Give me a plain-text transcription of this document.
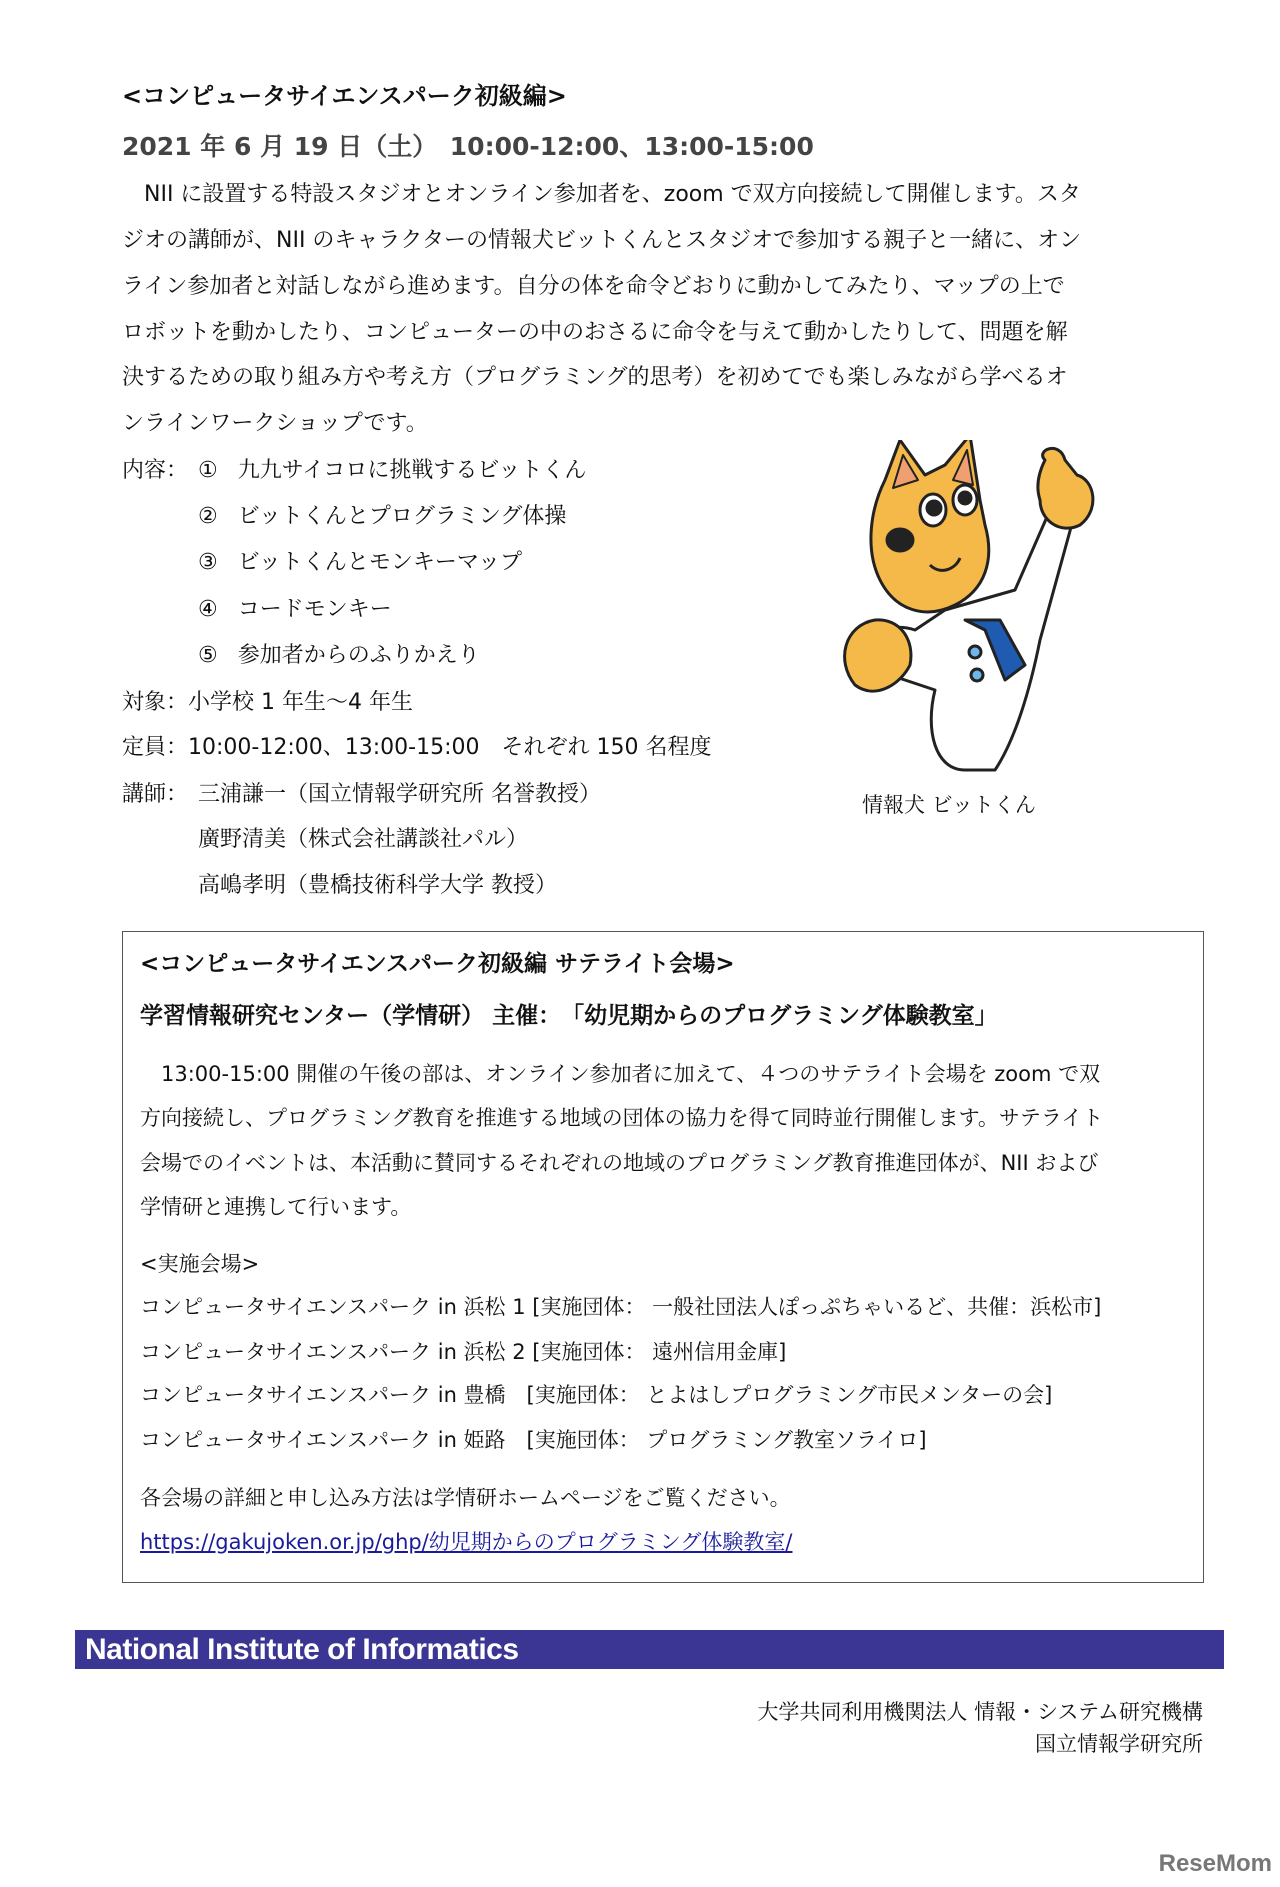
<コンピュータサイエンスパーク初級編>
2021 年 6 月 19 日（土）　10:00-12:00、13:00-15:00
　NII に設置する特設スタジオとオンライン参加者を、zoom で双方向接続して開催します。スタ
ジオの講師が、NII のキャラクターの情報犬ビットくんとスタジオで参加する親子と一緒に、オン
ライン参加者と対話しながら進めます。自分の体を命令どおりに動かしてみたり、マップの上で
ロボットを動かしたり、コンピューターの中のおさるに命令を与えて動かしたりして、問題を解
決するための取り組み方や考え方（プログラミング的思考）を初めてでも楽しみながら学べるオ
ンラインワークショップです。
内容： ① 九九サイコロに挑戦するビットくん
② ビットくんとプログラミング体操
③ ビットくんとモンキーマップ
④ コードモンキー
⑤ 参加者からのふりかえり
対象：小学校 1 年生～4 年生
定員：10:00-12:00、13:00-15:00　それぞれ 150 名程度
講師： 三浦謙一（国立情報学研究所 名誉教授）
廣野清美（株式会社講談社パル）
高嶋孝明（豊橋技術科学大学 教授）
情報犬 ビットくん
<コンピュータサイエンスパーク初級編 サテライト会場>
学習情報研究センター（学情研） 主催：　「幼児期からのプログラミング体験教室」
　13:00-15:00 開催の午後の部は、オンライン参加者に加えて、４つのサテライト会場を zoom で双
方向接続し、プログラミング教育を推進する地域の団体の協力を得て同時並行開催します。サテライト
会場でのイベントは、本活動に賛同するそれぞれの地域のプログラミング教育推進団体が、NII および
学情研と連携して行います。
<実施会場>
コンピュータサイエンスパーク in 浜松 1 [実施団体： 一般社団法人ぽっぷちゃいるど、共催：浜松市]
コンピュータサイエンスパーク in 浜松 2 [実施団体： 遠州信用金庫]
コンピュータサイエンスパーク in 豊橋　[実施団体： とよはしプログラミング市民メンターの会]
コンピュータサイエンスパーク in 姫路　[実施団体： プログラミング教室ソライロ]
各会場の詳細と申し込み方法は学情研ホームページをご覧ください。
https://gakujoken.or.jp/ghp/幼児期からのプログラミング体験教室/
National Institute of Informatics
大学共同利用機関法人 情報・システム研究機構
国立情報学研究所
ReseMom
